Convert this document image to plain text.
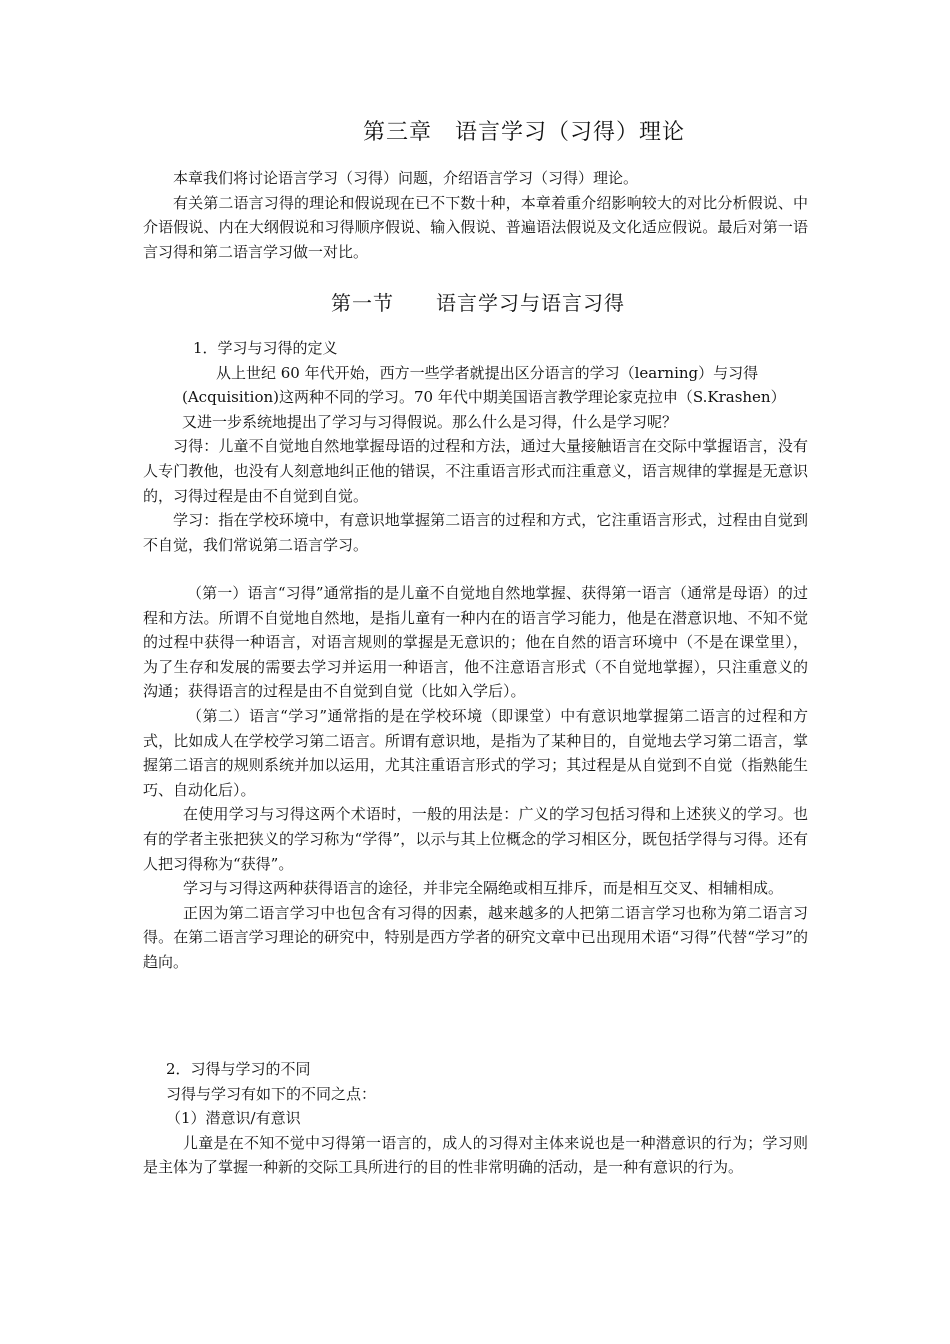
第三章　语言学习（习得）理论

本章我们将讨论语言学习（习得）问题，介绍语言学习（习得）理论。

有关第二语言习得的理论和假说现在已不下数十种，本章着重介绍影响较大的对比分析假说、中介语假说、内在大纲假说和习得顺序假说、输入假说、普遍语法假说及文化适应假说。最后对第一语言习得和第二语言学习做一对比。

第一节　　语言学习与语言习得

1．学习与习得的定义

从上世纪 60 年代开始，西方一些学者就提出区分语言的学习（learning）与习得

(Acquisition)这两种不同的学习。70 年代中期美国语言教学理论家克拉申（S.Krashen）

又进一步系统地提出了学习与习得假说。那么什么是习得，什么是学习呢？

习得：儿童不自觉地自然地掌握母语的过程和方法，通过大量接触语言在交际中掌握语言，没有人专门教他，也没有人刻意地纠正他的错误，不注重语言形式而注重意义，语言规律的掌握是无意识的，习得过程是由不自觉到自觉。

学习：指在学校环境中，有意识地掌握第二语言的过程和方式，它注重语言形式，过程由自觉到不自觉，我们常说第二语言学习。

（第一）语言“习得”通常指的是儿童不自觉地自然地掌握、获得第一语言（通常是母语）的过程和方法。所谓不自觉地自然地，是指儿童有一种内在的语言学习能力，他是在潜意识地、不知不觉的过程中获得一种语言，对语言规则的掌握是无意识的；他在自然的语言环境中（不是在课堂里），为了生存和发展的需要去学习并运用一种语言，他不注意语言形式（不自觉地掌握），只注重意义的沟通；获得语言的过程是由不自觉到自觉（比如入学后）。

（第二）语言“学习”通常指的是在学校环境（即课堂）中有意识地掌握第二语言的过程和方式，比如成人在学校学习第二语言。所谓有意识地，是指为了某种目的，自觉地去学习第二语言，掌握第二语言的规则系统并加以运用，尤其注重语言形式的学习；其过程是从自觉到不自觉（指熟能生巧、自动化后）。

在使用学习与习得这两个术语时，一般的用法是：广义的学习包括习得和上述狭义的学习。也有的学者主张把狭义的学习称为“学得”，以示与其上位概念的学习相区分，既包括学得与习得。还有人把习得称为“获得”。

学习与习得这两种获得语言的途径，并非完全隔绝或相互排斥，而是相互交叉、相辅相成。

正因为第二语言学习中也包含有习得的因素，越来越多的人把第二语言学习也称为第二语言习得。在第二语言学习理论的研究中，特别是西方学者的研究文章中已出现用术语“习得”代替“学习”的趋向。

2．习得与学习的不同

习得与学习有如下的不同之点：

（1）潜意识/有意识

儿童是在不知不觉中习得第一语言的，成人的习得对主体来说也是一种潜意识的行为；学习则是主体为了掌握一种新的交际工具所进行的目的性非常明确的活动，是一种有意识的行为。
